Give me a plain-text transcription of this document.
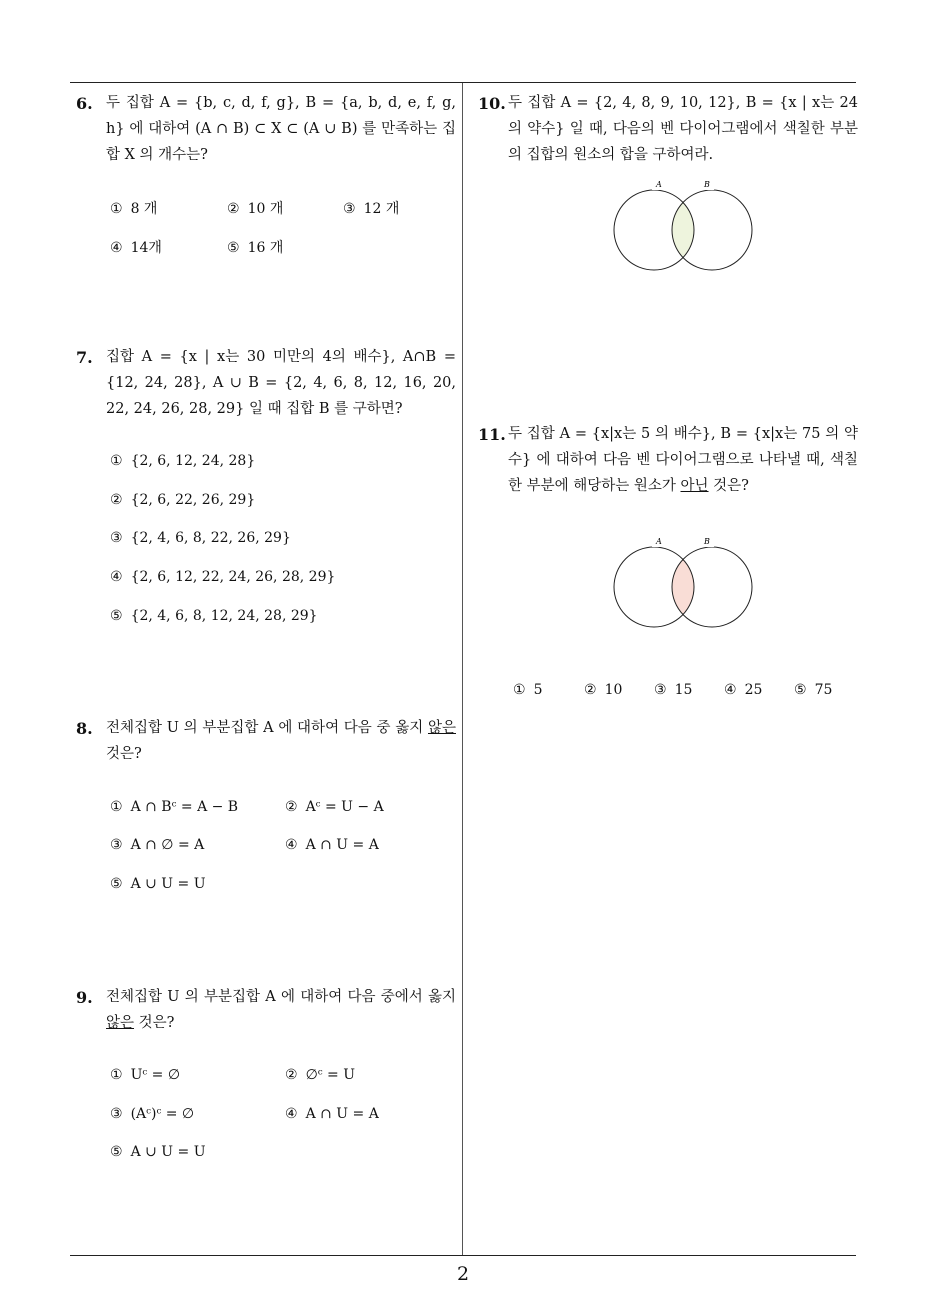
6. 두 집합 A = {b, c, d, f, g}, B = {a, b, d, e, f, g, h} 에 대하여 (A ∩ B) ⊂ X ⊂ (A ∪ B) 를 만족하는 집합 X 의 개수는?
① 8 개	② 10 개	③ 12 개
④ 14개	⑤ 16 개
7. 집합 A = {x | x는 30 미만의 4의 배수}, A∩B = {12, 24, 28}, A ∪ B = {2, 4, 6, 8, 12, 16, 20, 22, 24, 26, 28, 29} 일 때 집합 B 를 구하면?
① {2, 6, 12, 24, 28}
② {2, 6, 22, 26, 29}
③ {2, 4, 6, 8, 22, 26, 29}
④ {2, 6, 12, 22, 24, 26, 28, 29}
⑤ {2, 4, 6, 8, 12, 24, 28, 29}
8. 전체집합 U 의 부분집합 A 에 대하여 다음 중 옳지 않은 것은?
① A ∩ Bᶜ = A − B	② Aᶜ = U − A
③ A ∩ ∅ = A	④ A ∩ U = A
⑤ A ∪ U = U
9. 전체집합 U 의 부분집합 A 에 대하여 다음 중에서 옳지 않은 것은?
① Uᶜ = ∅	② ∅ᶜ = U
③ (Aᶜ)ᶜ = ∅	④ A ∩ U = A
⑤ A ∪ U = U
10. 두 집합 A = {2, 4, 8, 9, 10, 12}, B = {x | x는 24의 약수} 일 때, 다음의 벤 다이어그램에서 색칠한 부분의 집합의 원소의 합을 구하여라.
A	B
11. 두 집합 A = {x|x는 5 의 배수}, B = {x|x는 75 의 약수} 에 대하여 다음 벤 다이어그램으로 나타낼 때, 색칠한 부분에 해당하는 원소가 아닌 것은?
A	B
① 5	② 10 ③ 15 ④ 25 ⑤ 75
2
